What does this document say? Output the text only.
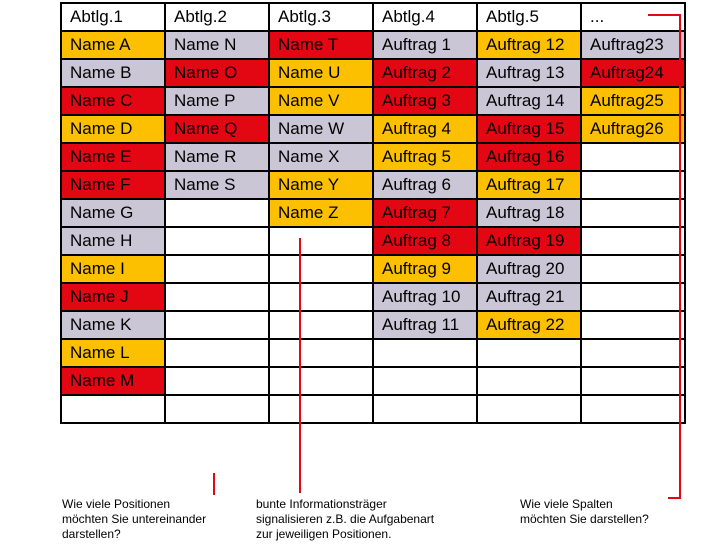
Abtlg.1	Abtlg.2	Abtlg.3	Abtlg.4	Abtlg.5	...
Name A	Name N	Name T	Auftrag 1	Auftrag 12	Auftrag23
Name B	Name O	Name U	Auftrag 2	Auftrag 13	Auftrag24
Name C	Name P	Name V	Auftrag 3	Auftrag 14	Auftrag25
Name D	Name Q	Name W	Auftrag 4	Auftrag 15	Auftrag26
Name E	Name R	Name X	Auftrag 5	Auftrag 16	
Name F	Name S	Name Y	Auftrag 6	Auftrag 17	
Name G		Name Z	Auftrag 7	Auftrag 18	
Name H			Auftrag 8	Auftrag 19	
Name I			Auftrag 9	Auftrag 20	
Name J			Auftrag 10	Auftrag 21	
Name K			Auftrag 11	Auftrag 22	
Name L					
Name M					

Wie viele Positionen
möchten Sie untereinander
darstellen?
bunte Informationsträger
signalisieren z.B. die Aufgabenart
zur jeweiligen Positionen.
Wie viele Spalten
möchten Sie darstellen?
